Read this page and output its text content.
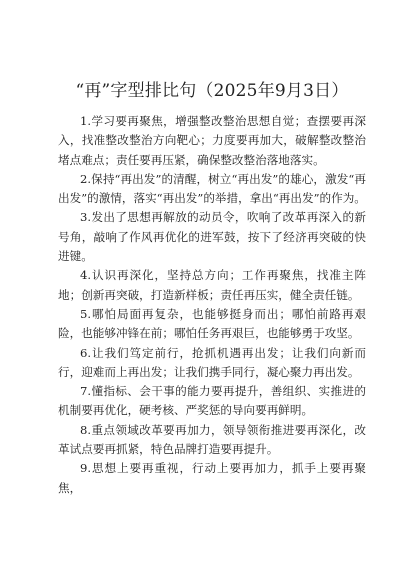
“再”字型排比句（2025年9月3日）

1.学习要再聚焦，增强整改整治思想自觉；查摆要再深入，找准整改整治方向靶心；力度要再加大，破解整改整治堵点难点；责任要再压紧，确保整改整治落地落实。

2.保持“再出发”的清醒，树立“再出发”的雄心，激发“再出发”的激情，落实“再出发”的举措，拿出“再出发”的作为。

3.发出了思想再解放的动员令，吹响了改革再深入的新号角，敲响了作风再优化的进军鼓，按下了经济再突破的快进键。

4.认识再深化，坚持总方向；工作再聚焦，找准主阵地；创新再突破，打造新样板；责任再压实，健全责任链。

5.哪怕局面再复杂，也能够挺身而出；哪怕前路再艰险，也能够冲锋在前；哪怕任务再艰巨，也能够勇于攻坚。

6.让我们笃定前行，抢抓机遇再出发；让我们向新而行，迎难而上再出发；让我们携手同行，凝心聚力再出发。

7.懂指标、会干事的能力要再提升，善组织、实推进的机制要再优化，硬考核、严奖惩的导向要再鲜明。

8.重点领域改革要再加力，领导领衔推进要再深化，改革试点要再抓紧，特色品牌打造要再提升。

9.思想上要再重视，行动上要再加力，抓手上要再聚焦，
